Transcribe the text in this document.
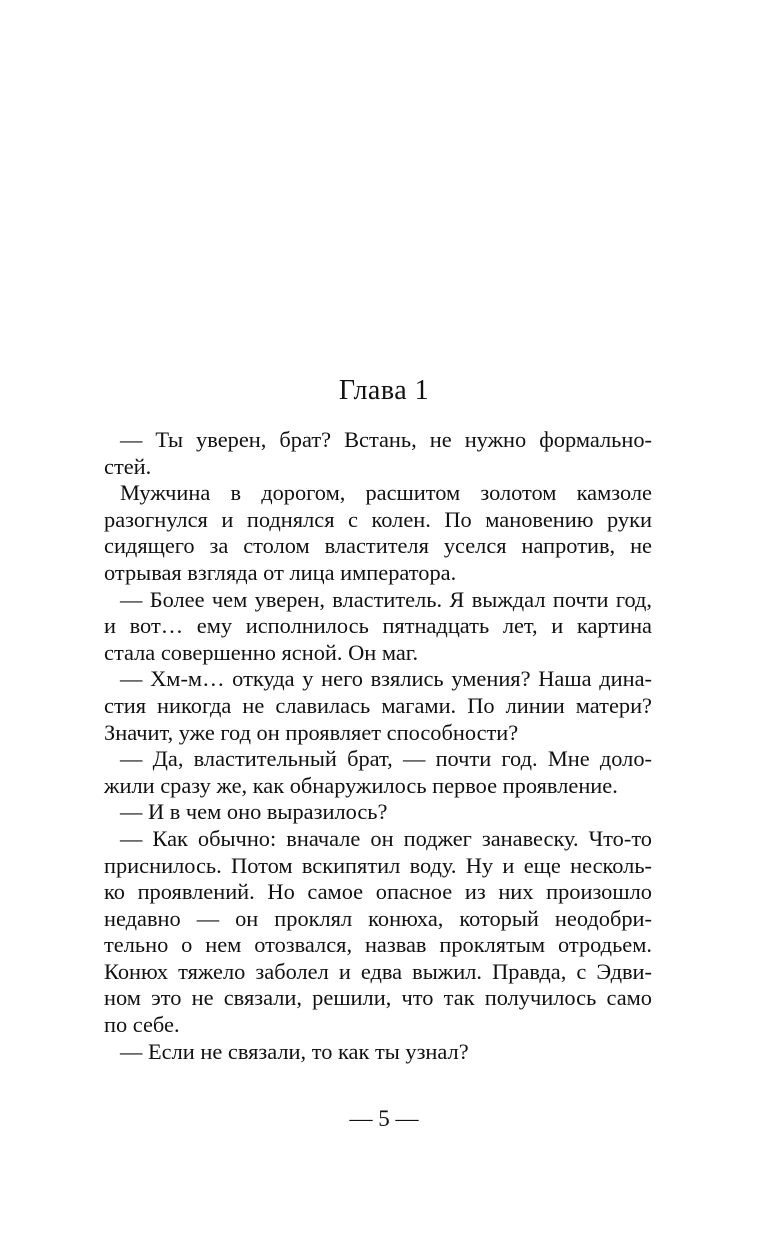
Глава 1
— Ты уверен, брат? Встань, не нужно формально-
стей.
Мужчина в дорогом, расшитом золотом камзоле
разогнулся и поднялся с колен. По мановению руки
сидящего за столом властителя уселся напротив, не
отрывая взгляда от лица императора.
— Более чем уверен, властитель. Я выждал почти год,
и вот… ему исполнилось пятнадцать лет, и картина
стала совершенно ясной. Он маг.
— Хм-м… откуда у него взялись умения? Наша дина-
стия никогда не славилась магами. По линии матери?
Значит, уже год он проявляет способности?
— Да, властительный брат, — почти год. Мне доло-
жили сразу же, как обнаружилось первое проявление.
— И в чем оно выразилось?
— Как обычно: вначале он поджег занавеску. Что-то
приснилось. Потом вскипятил воду. Ну и еще несколь-
ко проявлений. Но самое опасное из них произошло
недавно — он проклял конюха, который неодобри-
тельно о нем отозвался, назвав проклятым отродьем.
Конюх тяжело заболел и едва выжил. Правда, с Эдви-
ном это не связали, решили, что так получилось само
по себе.
— Если не связали, то как ты узнал?
— 5 —
